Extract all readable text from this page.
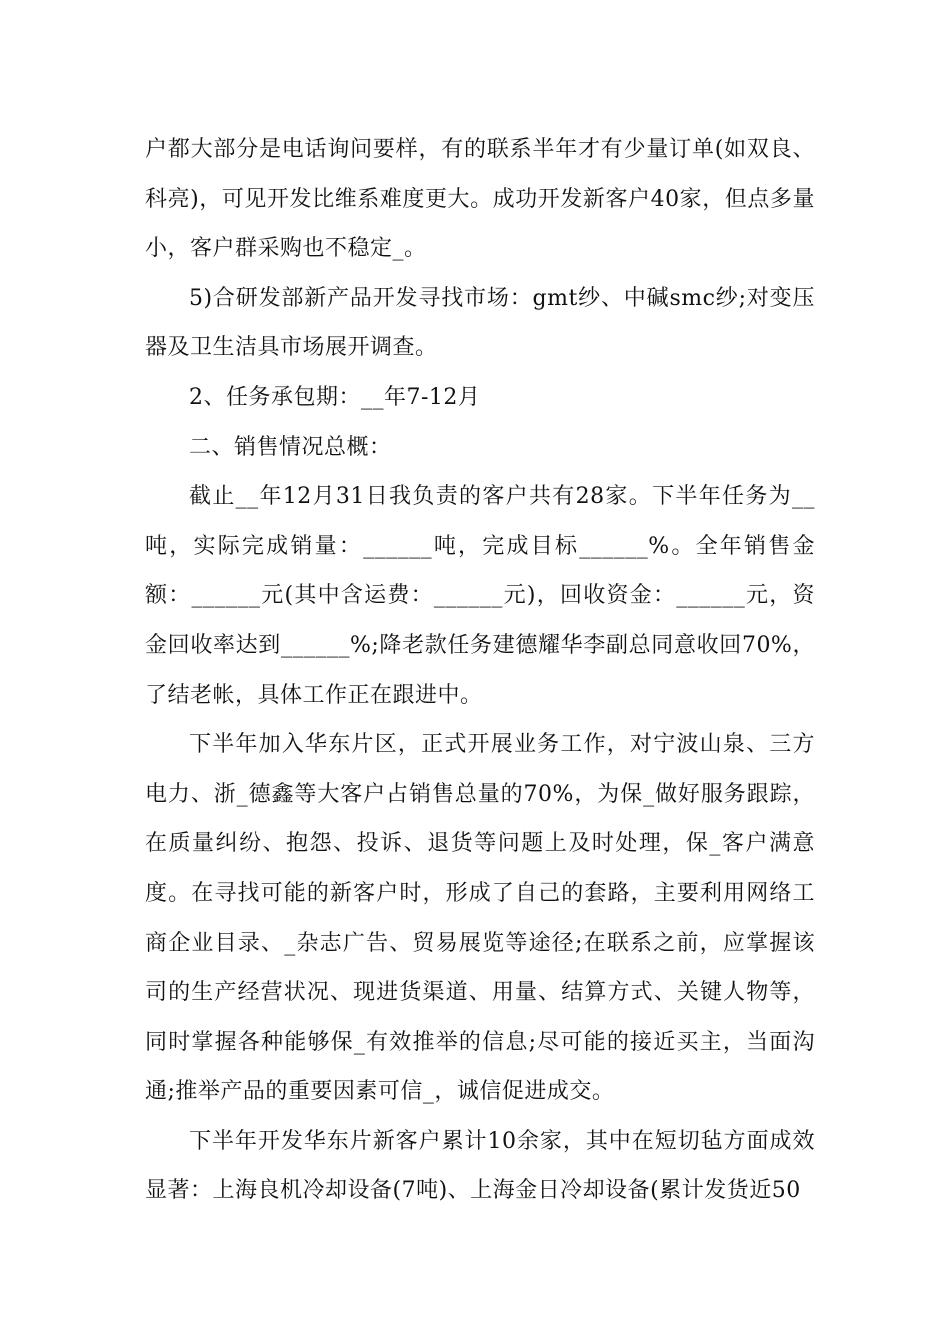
户都大部分是电话询问要样，有的联系半年才有少量订单(如双良、科亮)，可见开发比维系难度更大。成功开发新客户40家，但点多量小，客户群采购也不稳定_。

5)合研发部新产品开发寻找市场：gmt纱、中碱smc纱;对变压器及卫生洁具市场展开调查。

2、任务承包期：__年7-12月

二、销售情况总概：

截止__年12月31日我负责的客户共有28家。下半年任务为__吨，实际完成销量：______吨，完成目标______%。全年销售金额：______元(其中含运费：______元)，回收资金：______元，资金回收率达到______%;降老款任务建德耀华李副总同意收回70%，了结老帐，具体工作正在跟进中。

下半年加入华东片区，正式开展业务工作，对宁波山泉、三方电力、浙_德鑫等大客户占销售总量的70%，为保_做好服务跟踪，在质量纠纷、抱怨、投诉、退货等问题上及时处理，保_客户满意度。在寻找可能的新客户时，形成了自己的套路，主要利用网络工商企业目录、_杂志广告、贸易展览等途径;在联系之前，应掌握该司的生产经营状况、现进货渠道、用量、结算方式、关键人物等，同时掌握各种能够保_有效推举的信息;尽可能的接近买主，当面沟通;推举产品的重要因素可信_，诚信促进成交。

下半年开发华东片新客户累计10余家，其中在短切毡方面成效显著：上海良机冷却设备(7吨)、上海金日冷却设备(累计发货近50
